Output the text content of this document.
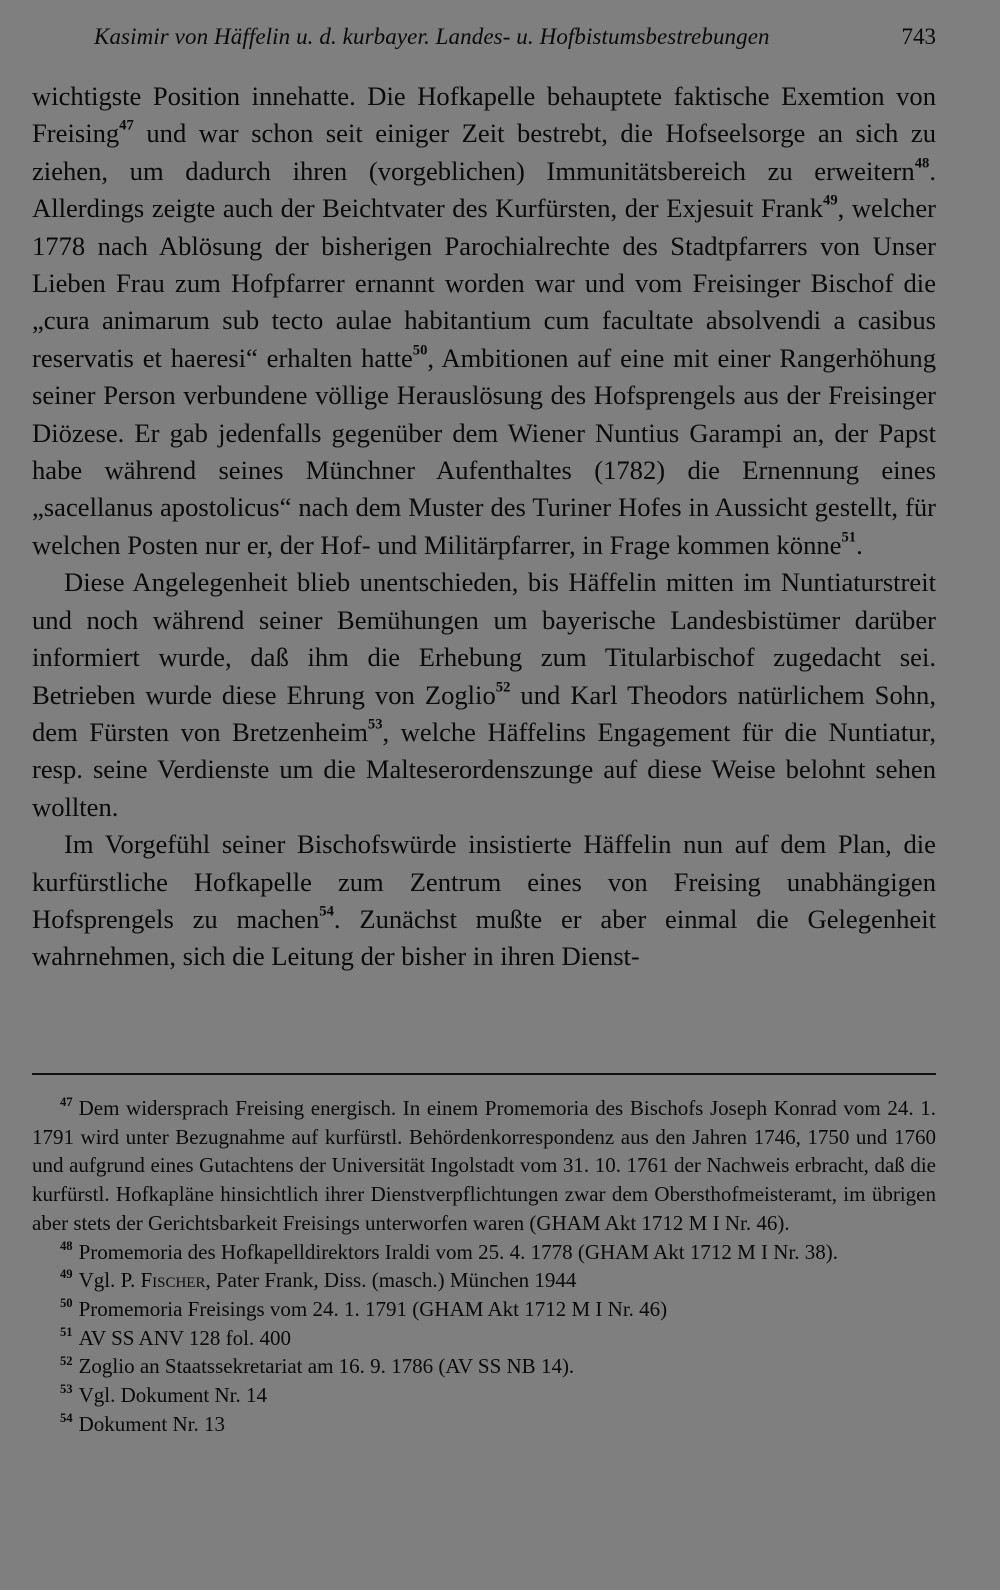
Kasimir von Häffelin u. d. kurbayer. Landes- u. Hofbistumsbestrebungen	743

wichtigste Position innehatte. Die Hofkapelle behauptete faktische Exemtion von Freising$^{47}$ und war schon seit einiger Zeit bestrebt, die Hofseelsorge an sich zu ziehen, um dadurch ihren (vorgeblichen) Immunitätsbereich zu erweitern$^{48}$. Allerdings zeigte auch der Beichtvater des Kurfürsten, der Exjesuit Frank$^{49}$, welcher 1778 nach Ablösung der bisherigen Parochialrechte des Stadtpfarrers von Unser Lieben Frau zum Hofpfarrer ernannt worden war und vom Freisinger Bischof die „cura animarum sub tecto aulae habitantium cum facultate absolvendi a casibus reservatis et haeresi“ erhalten hatte$^{50}$, Ambitionen auf eine mit einer Rangerhöhung seiner Person verbundene völlige Herauslösung des Hofsprengels aus der Freisinger Diözese. Er gab jedenfalls gegenüber dem Wiener Nuntius Garampi an, der Papst habe während seines Münchner Aufenthaltes (1782) die Ernennung eines „sacellanus apostolicus“ nach dem Muster des Turiner Hofes in Aussicht gestellt, für welchen Posten nur er, der Hof- und Militärpfarrer, in Frage kommen könne$^{51}$.

Diese Angelegenheit blieb unentschieden, bis Häffelin mitten im Nuntiaturstreit und noch während seiner Bemühungen um bayerische Landesbistümer darüber informiert wurde, daß ihm die Erhebung zum Titularbischof zugedacht sei. Betrieben wurde diese Ehrung von Zoglio$^{52}$ und Karl Theodors natürlichem Sohn, dem Fürsten von Bretzenheim$^{53}$, welche Häffelins Engagement für die Nuntiatur, resp. seine Verdienste um die Malteserordenszunge auf diese Weise belohnt sehen wollten.

Im Vorgefühl seiner Bischofswürde insistierte Häffelin nun auf dem Plan, die kurfürstliche Hofkapelle zum Zentrum eines von Freising unabhängigen Hofsprengels zu machen$^{54}$. Zunächst mußte er aber einmal die Gelegenheit wahrnehmen, sich die Leitung der bisher in ihren Dienst-

$^{47}$ Dem widersprach Freising energisch. In einem Promemoria des Bischofs Joseph Konrad vom 24. 1. 1791 wird unter Bezugnahme auf kurfürstl. Behördenkorrespondenz aus den Jahren 1746, 1750 und 1760 und aufgrund eines Gutachtens der Universität Ingolstadt vom 31. 10. 1761 der Nachweis erbracht, daß die kurfürstl. Hofkapläne hinsichtlich ihrer Dienstverpflichtungen zwar dem Obersthofmeisteramt, im übrigen aber stets der Gerichtsbarkeit Freisings unterworfen waren (GHAM Akt 1712 M I Nr. 46).

$^{48}$ Promemoria des Hofkapelldirektors Iraldi vom 25. 4. 1778 (GHAM Akt 1712 M I Nr. 38).

$^{49}$ Vgl. P. Fischer, Pater Frank, Diss. (masch.) München 1944

$^{50}$ Promemoria Freisings vom 24. 1. 1791 (GHAM Akt 1712 M I Nr. 46)

$^{51}$ AV SS ANV 128 fol. 400

$^{52}$ Zoglio an Staatssekretariat am 16. 9. 1786 (AV SS NB 14).

$^{53}$ Vgl. Dokument Nr. 14

$^{54}$ Dokument Nr. 13
